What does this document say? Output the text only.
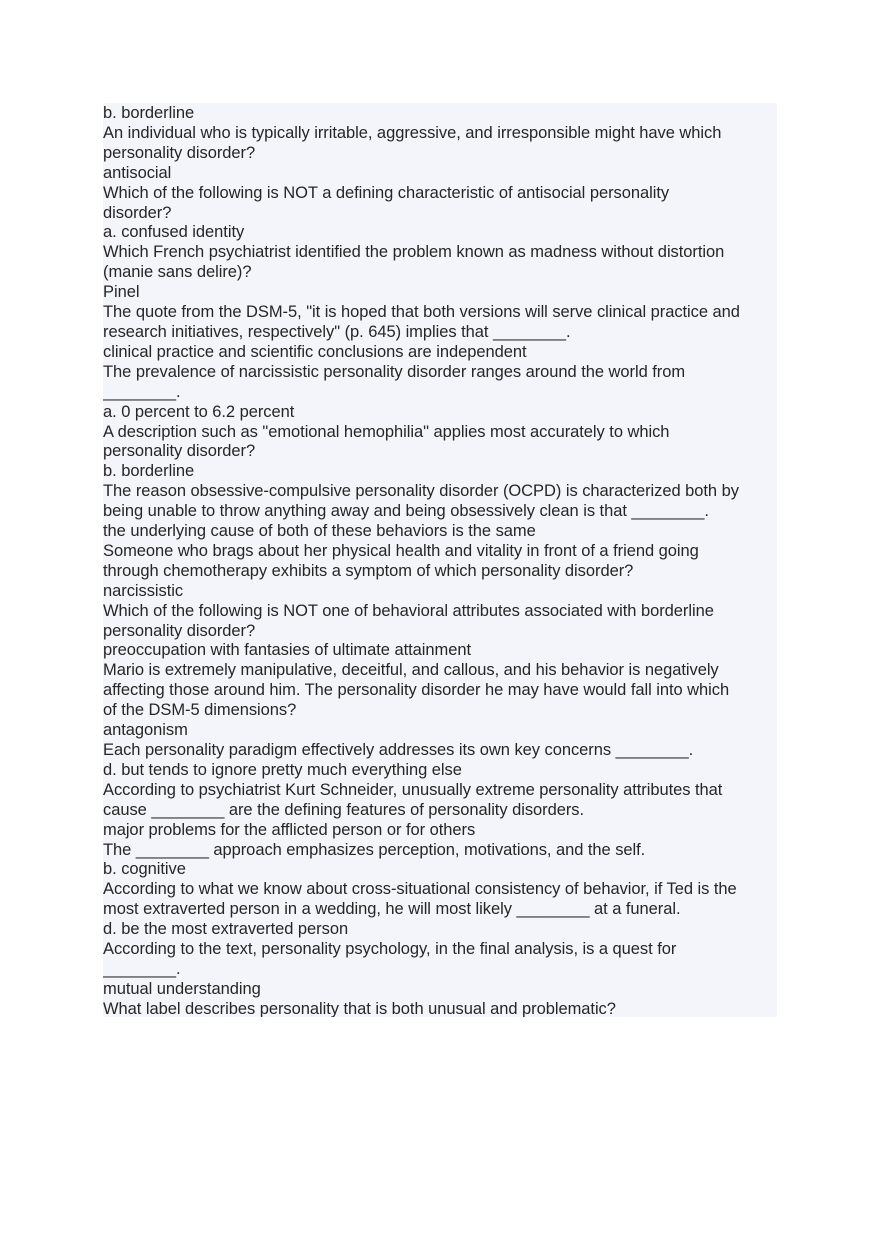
b. borderline
An individual who is typically irritable, aggressive, and irresponsible might have which
personality disorder?
antisocial
Which of the following is NOT a defining characteristic of antisocial personality
disorder?
a. confused identity
Which French psychiatrist identified the problem known as madness without distortion
(manie sans delire)?
Pinel
The quote from the DSM-5, "it is hoped that both versions will serve clinical practice and
research initiatives, respectively" (p. 645) implies that ________.
clinical practice and scientific conclusions are independent
The prevalence of narcissistic personality disorder ranges around the world from
________.
a. 0 percent to 6.2 percent
A description such as "emotional hemophilia" applies most accurately to which
personality disorder?
b. borderline
The reason obsessive-compulsive personality disorder (OCPD) is characterized both by
being unable to throw anything away and being obsessively clean is that ________.
the underlying cause of both of these behaviors is the same
Someone who brags about her physical health and vitality in front of a friend going
through chemotherapy exhibits a symptom of which personality disorder?
narcissistic
Which of the following is NOT one of behavioral attributes associated with borderline
personality disorder?
preoccupation with fantasies of ultimate attainment
Mario is extremely manipulative, deceitful, and callous, and his behavior is negatively
affecting those around him. The personality disorder he may have would fall into which
of the DSM-5 dimensions?
antagonism
Each personality paradigm effectively addresses its own key concerns ________.
d. but tends to ignore pretty much everything else
According to psychiatrist Kurt Schneider, unusually extreme personality attributes that
cause ________ are the defining features of personality disorders.
major problems for the afflicted person or for others
The ________ approach emphasizes perception, motivations, and the self.
b. cognitive
According to what we know about cross-situational consistency of behavior, if Ted is the
most extraverted person in a wedding, he will most likely ________ at a funeral.
d. be the most extraverted person
According to the text, personality psychology, in the final analysis, is a quest for
________.
mutual understanding
What label describes personality that is both unusual and problematic?
